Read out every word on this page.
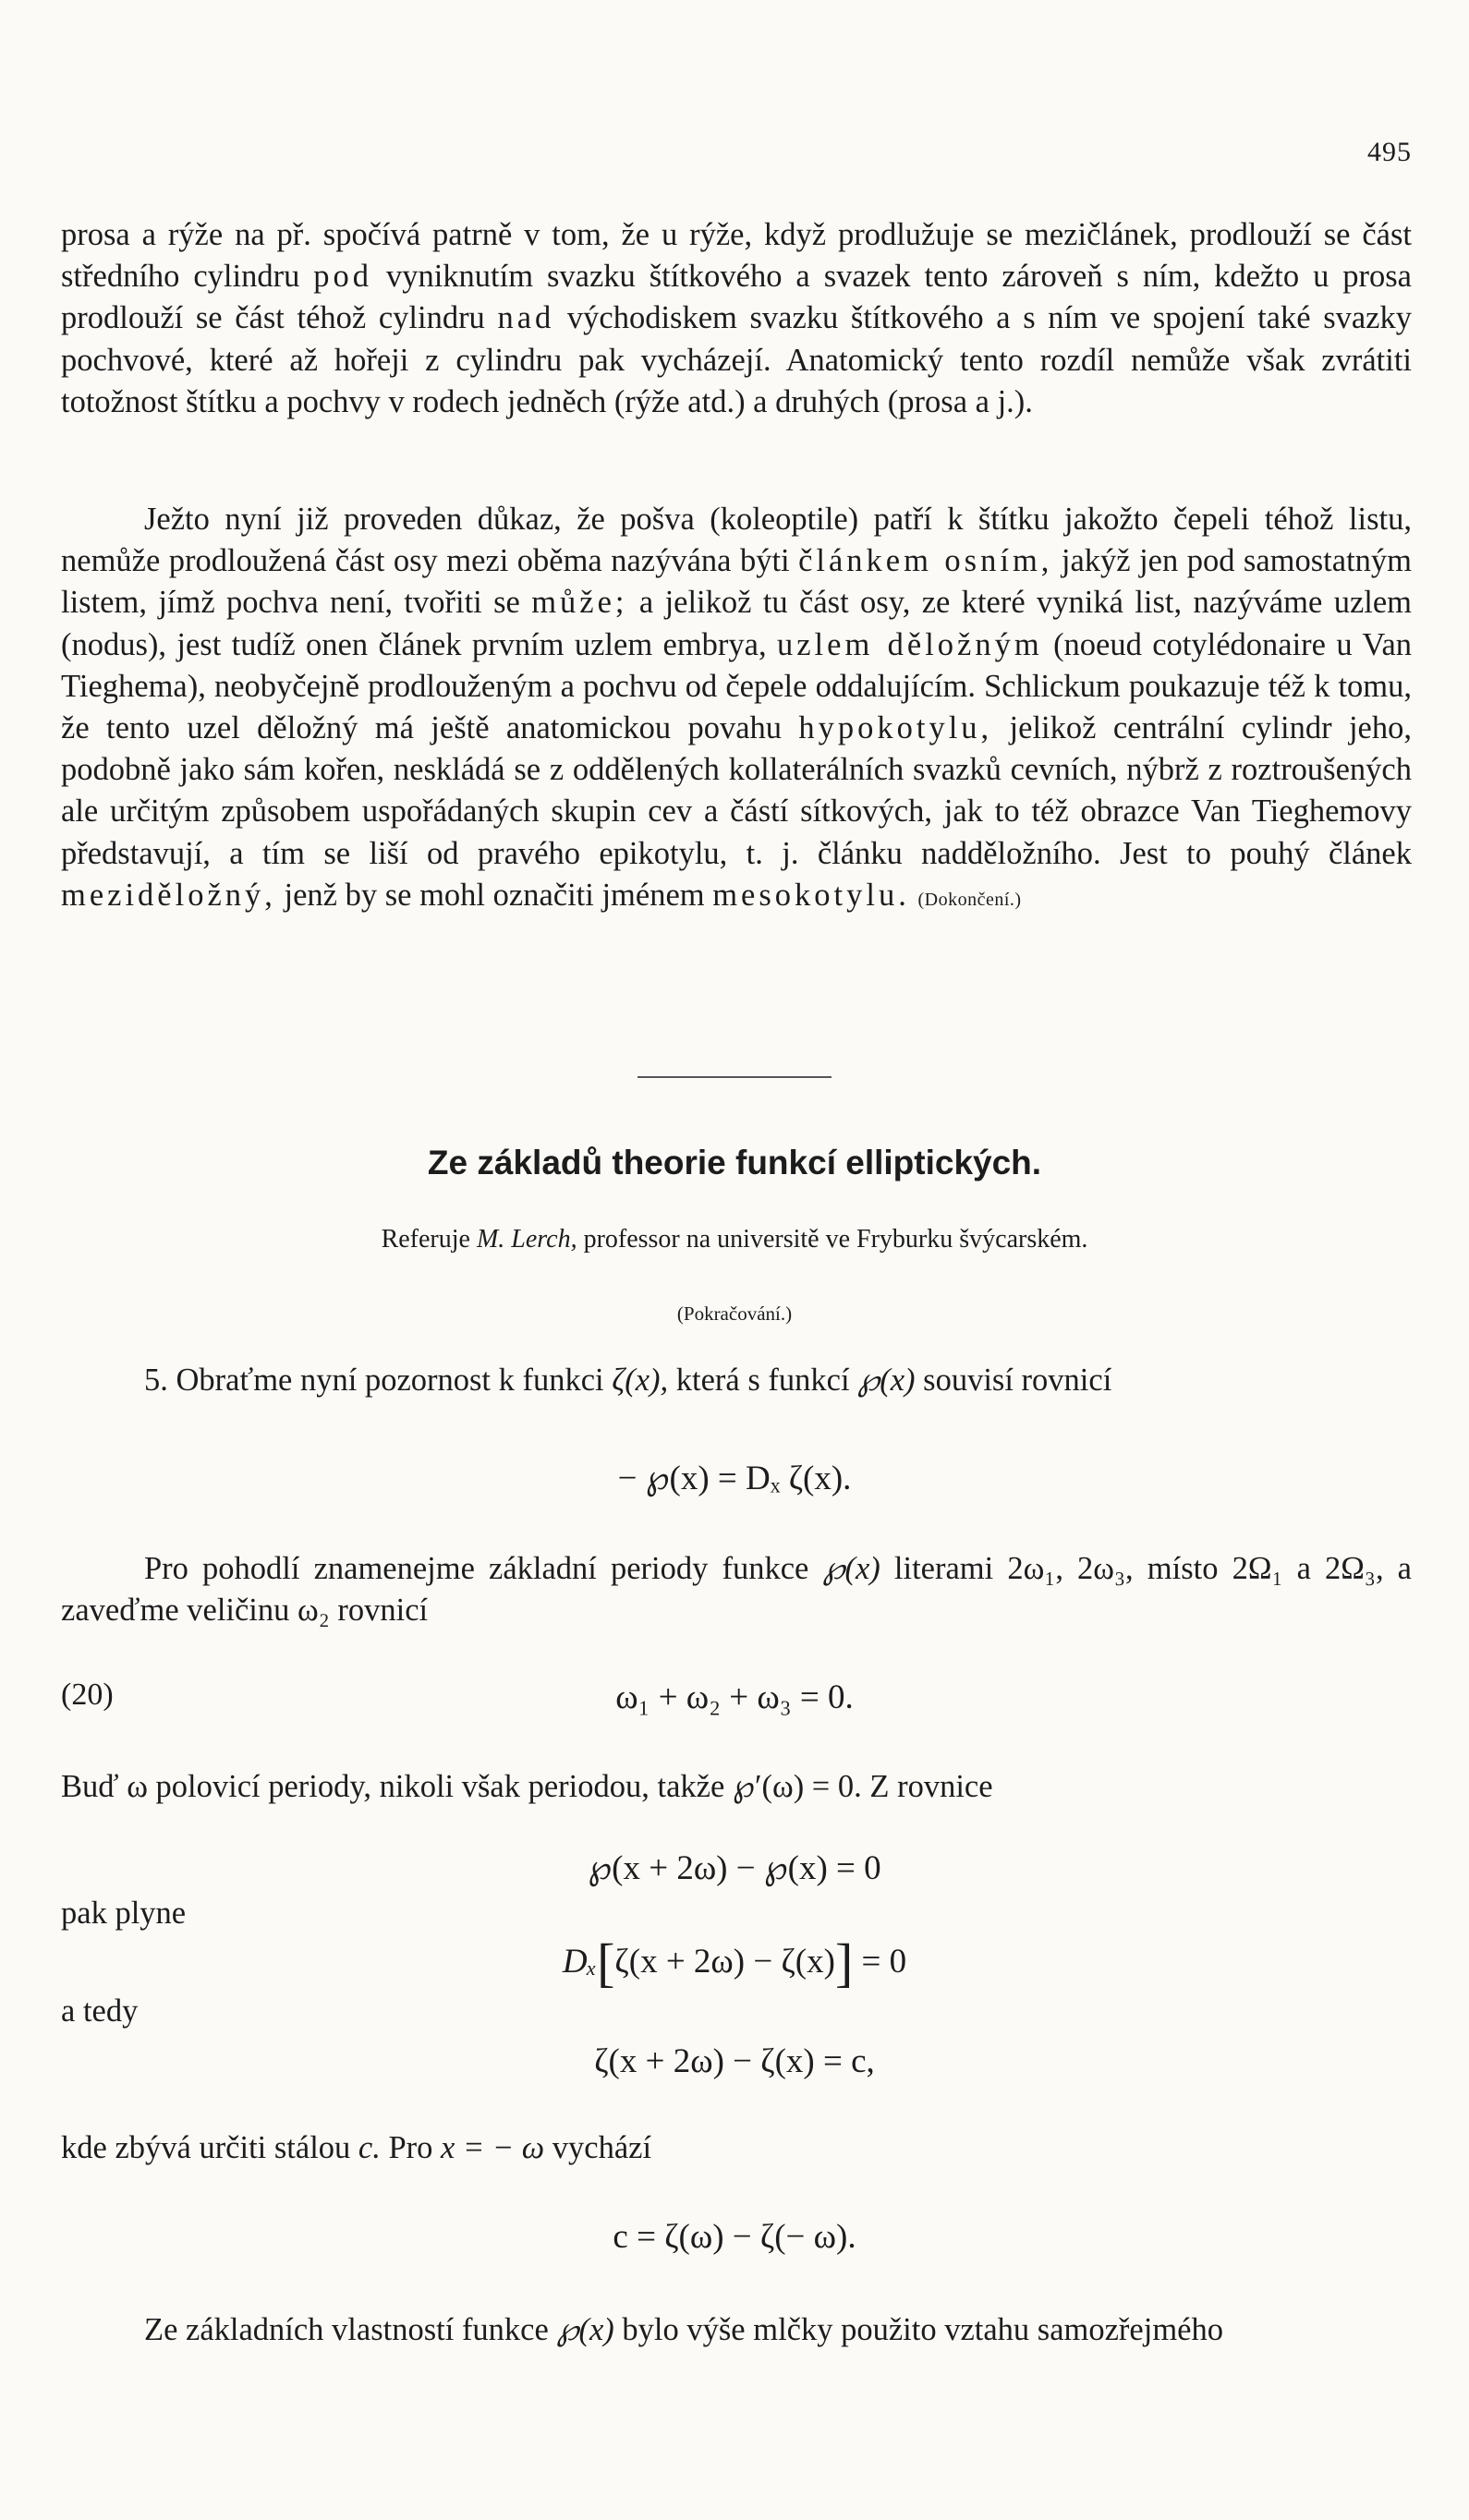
495

prosa a rýže na př. spočívá patrně v tom, že u rýže, když prodlužuje se mezičlánek, prodlouží se část středního cylindru pod vyniknutím svazku štítkového a svazek tento zároveň s ním, kdežto u prosa prodlouží se část téhož cylindru nad východiskem svazku štítkového a s ním ve spojení také svazky pochvové, které až hořeji z cylindru pak vycházejí. Anatomický tento rozdíl nemůže však zvrátiti totožnost štítku a pochvy v rodech jedněch (rýže atd.) a druhých (prosa a j.).

Ježto nyní již proveden důkaz, že pošva (koleoptile) patří k štítku jakožto čepeli téhož listu, nemůže prodloužená část osy mezi oběma nazývána býti článkem osním, jakýž jen pod samostatným listem, jímž pochva není, tvořiti se může; a jelikož tu část osy, ze které vyniká list, nazýváme uzlem (nodus), jest tudíž onen článek prvním uzlem embrya, uzlem děložným (noeud cotylédonaire u Van Tieghema), neobyčejně prodlouženým a pochvu od čepele oddalujícím. Schlickum poukazuje též k tomu, že tento uzel děložný má ještě anatomickou povahu hypokotylu, jelikož centrální cylindr jeho, podobně jako sám kořen, neskládá se z oddělených kollaterálních svazků cevních, nýbrž z roztroušených ale určitým způsobem uspořádaných skupin cev a částí sítkových, jak to též obrazce Van Tieghemovy představují, a tím se liší od pravého epikotylu, t. j. článku nadděložního. Jest to pouhý článek meziděložný, jenž by se mohl označiti jménem mesokotylu. (Dokončení.)

Ze základů theorie funkcí elliptických.

Referuje M. Lerch, professor na universitě ve Fryburku švýcarském.

(Pokračování.)

5. Obraťme nyní pozornost k funkci ζ(x), která s funkcí ℘(x) souvisí rovnicí

− ℘(x) = Dₓ ζ(x).

Pro pohodlí znamenejme základní periody funkce ℘(x) literami 2ω₁, 2ω₃, místo 2Ω₁ a 2Ω₃, a zaveďme veličinu ω₂ rovnicí

(20)	ω₁ + ω₂ + ω₃ = 0.

Buď ω polovicí periody, nikoli však periodou, takže ℘′(ω) = 0. Z rovnice

℘(x + 2ω) − ℘(x) = 0

pak plyne

Dₓ[ζ(x + 2ω) − ζ(x)] = 0

a tedy

ζ(x + 2ω) − ζ(x) = c,

kde zbývá určiti stálou c. Pro x = − ω vychází

c = ζ(ω) − ζ(− ω).

Ze základních vlastností funkce ℘(x) bylo výše mlčky použito vztahu samozřejmého
